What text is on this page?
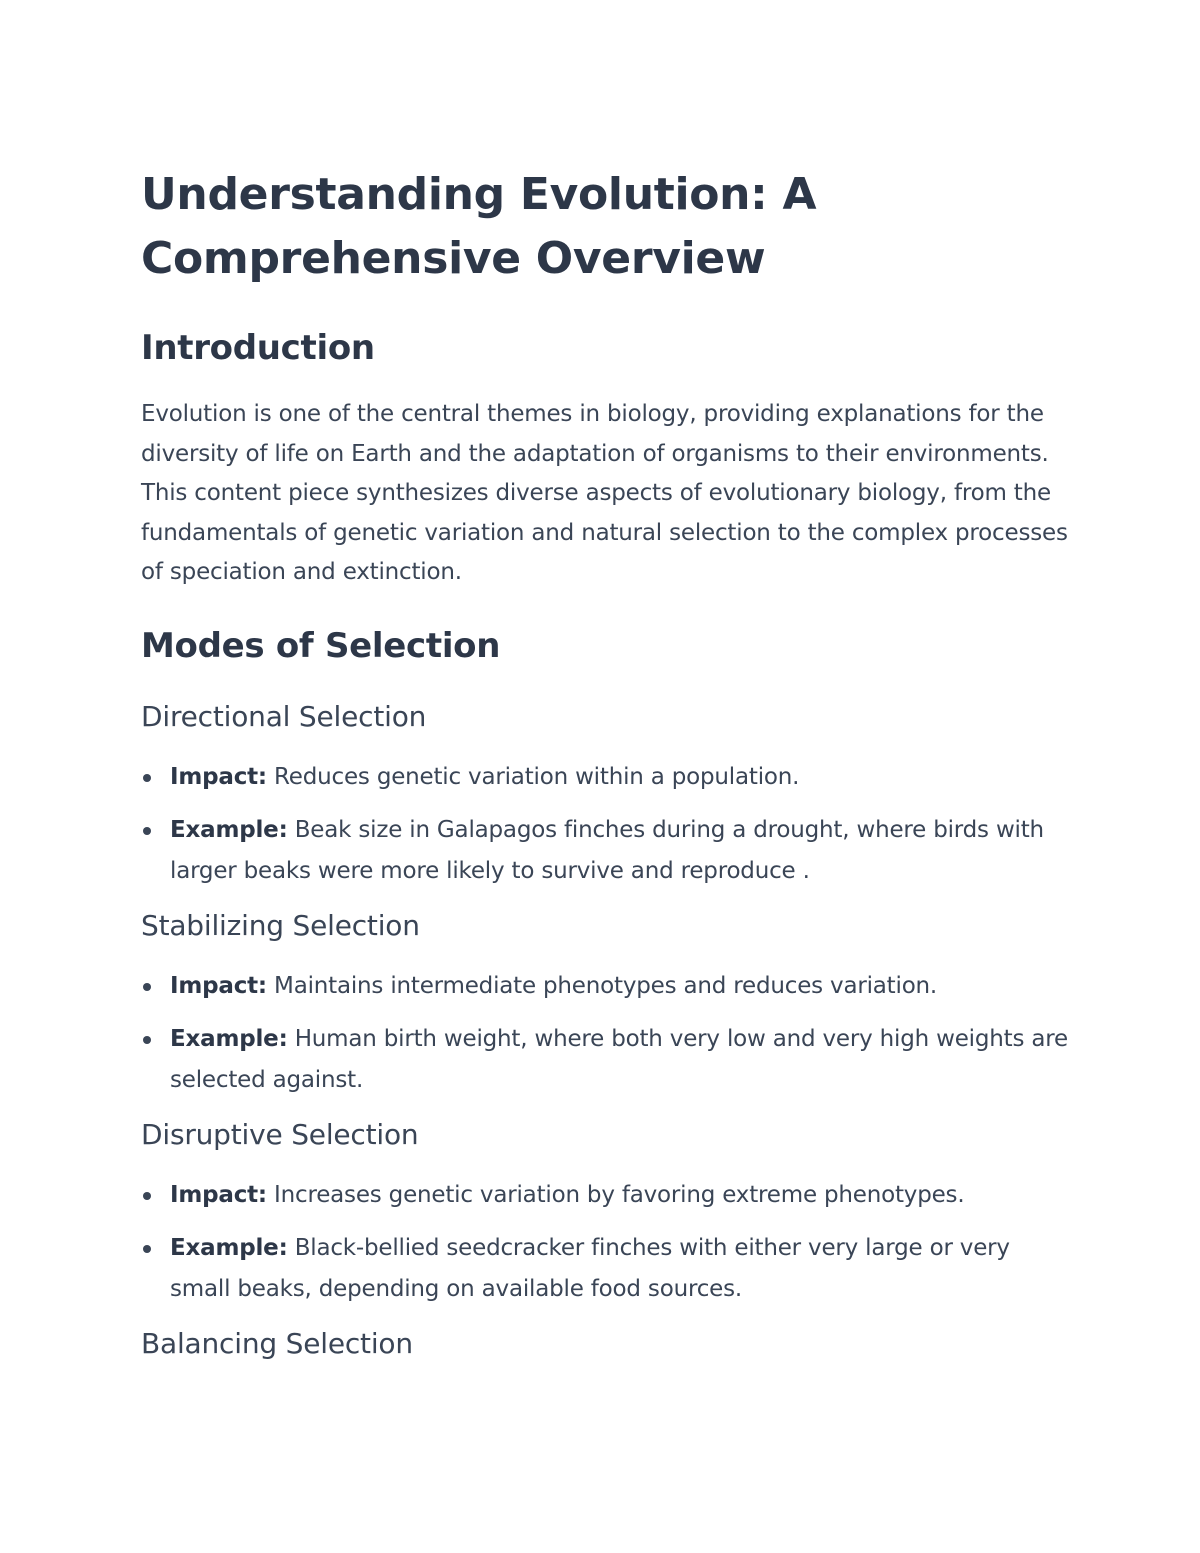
Understanding Evolution: A Comprehensive Overview
Introduction

Evolution is one of the central themes in biology, providing explanations for the diversity of life on Earth and the adaptation of organisms to their environments. This content piece synthesizes diverse aspects of evolutionary biology, from the fundamentals of genetic variation and natural selection to the complex processes of speciation and extinction.

Modes of Selection
Directional Selection
Impact: Reduces genetic variation within a population.
Example: Beak size in Galapagos finches during a drought, where birds with larger beaks were more likely to survive and reproduce .
Stabilizing Selection
Impact: Maintains intermediate phenotypes and reduces variation.
Example: Human birth weight, where both very low and very high weights are selected against.
Disruptive Selection
Impact: Increases genetic variation by favoring extreme phenotypes.
Example: Black-bellied seedcracker finches with either very large or very small beaks, depending on available food sources.
Balancing Selection
